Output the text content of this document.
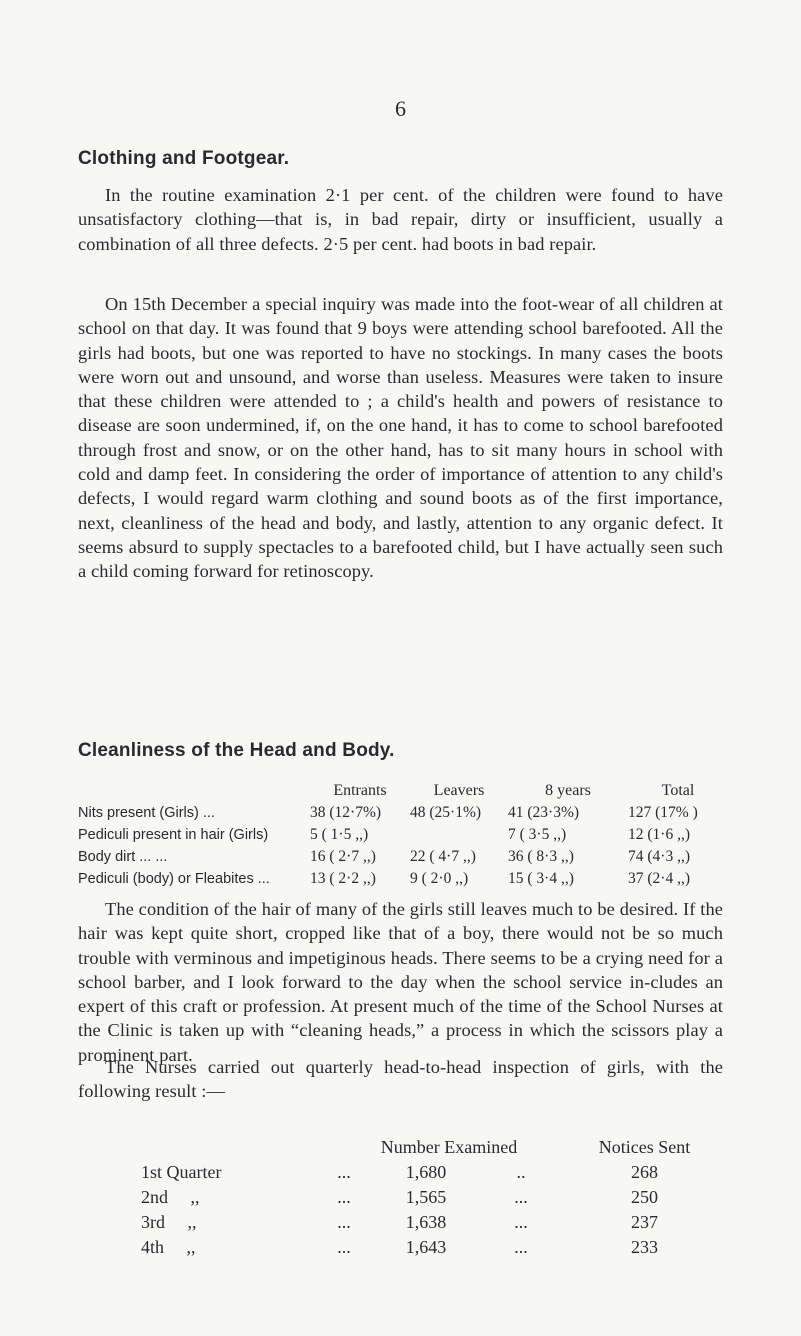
6
Clothing and Footgear.
In the routine examination 2·1 per cent. of the children were found to have unsatisfactory clothing—that is, in bad repair, dirty or insufficient, usually a combination of all three defects. 2·5 per cent. had boots in bad repair.
On 15th December a special inquiry was made into the foot-wear of all children at school on that day. It was found that 9 boys were attending school barefooted. All the girls had boots, but one was reported to have no stockings. In many cases the boots were worn out and unsound, and worse than useless. Measures were taken to insure that these children were attended to ; a child's health and powers of resistance to disease are soon undermined, if, on the one hand, it has to come to school barefooted through frost and snow, or on the other hand, has to sit many hours in school with cold and damp feet. In considering the order of importance of attention to any child's defects, I would regard warm clothing and sound boots as of the first importance, next, cleanliness of the head and body, and lastly, attention to any organic defect. It seems absurd to supply spectacles to a barefooted child, but I have actually seen such a child coming forward for retinoscopy.
Cleanliness of the Head and Body.
	Entrants	Leavers	8 years	Total
Nits present (Girls) ...	38 (12·7%)	48 (25·1%)	41 (23·3%)	127 (17% )
Pediculi present in hair (Girls)	5 ( 1·5 ,,)		7 ( 3·5 ,,)	12 (1·6 ,,)
Body dirt ... ...	16 ( 2·7 ,,)	22 ( 4·7 ,,)	36 ( 8·3 ,,)	74 (4·3 ,,)
Pediculi (body) or Fleabites ...	13 ( 2·2 ,,)	9 ( 2·0 ,,)	15 ( 3·4 ,,)	37 (2·4 ,,)
The condition of the hair of many of the girls still leaves much to be desired. If the hair was kept quite short, cropped like that of a boy, there would not be so much trouble with verminous and impetiginous heads. There seems to be a crying need for a school barber, and I look forward to the day when the school service in-cludes an expert of this craft or profession. At present much of the time of the School Nurses at the Clinic is taken up with “cleaning heads,” a process in which the scissors play a prominent part.
The Nurses carried out quarterly head-to-head inspection of girls, with the following result :—
	Number Examined			Notices Sent
1st Quarter	...	1,680	..	268
2nd     ,,	...	1,565	...	250
3rd     ,,	...	1,638	...	237
4th     ,,	...	1,643	...	233
